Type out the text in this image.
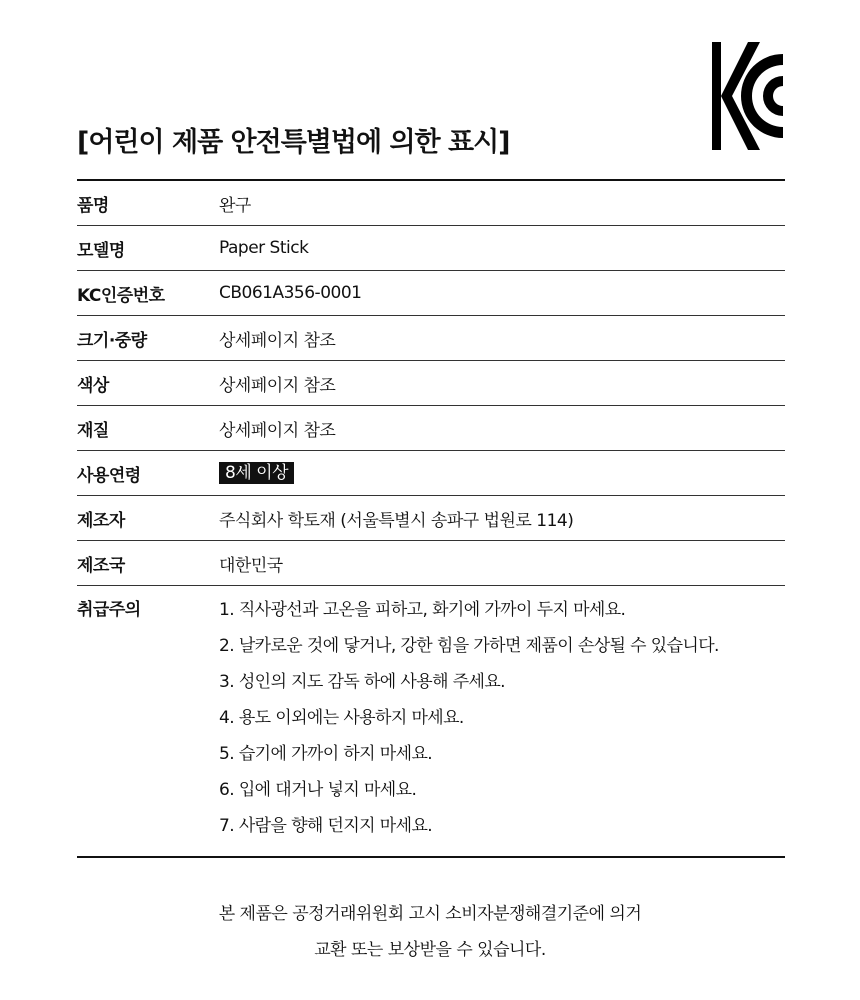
[어린이 제품 안전특별법에 의한 표시]
품명	완구
모델명	Paper Stick
KC인증번호	CB061A356-0001
크기·중량	상세페이지 참조
색상	상세페이지 참조
재질	상세페이지 참조
사용연령	8세 이상
제조자	주식회사 학토재 (서울특별시 송파구 법원로 114)
제조국	대한민국
취급주의	1. 직사광선과 고온을 피하고, 화기에 가까이 두지 마세요.
2. 날카로운 것에 닿거나, 강한 힘을 가하면 제품이 손상될 수 있습니다.
3. 성인의 지도 감독 하에 사용해 주세요.
4. 용도 이외에는 사용하지 마세요.
5. 습기에 가까이 하지 마세요.
6. 입에 대거나 넣지 마세요.
7. 사람을 향해 던지지 마세요.
본 제품은 공정거래위원회 고시 소비자분쟁해결기준에 의거
교환 또는 보상받을 수 있습니다.
